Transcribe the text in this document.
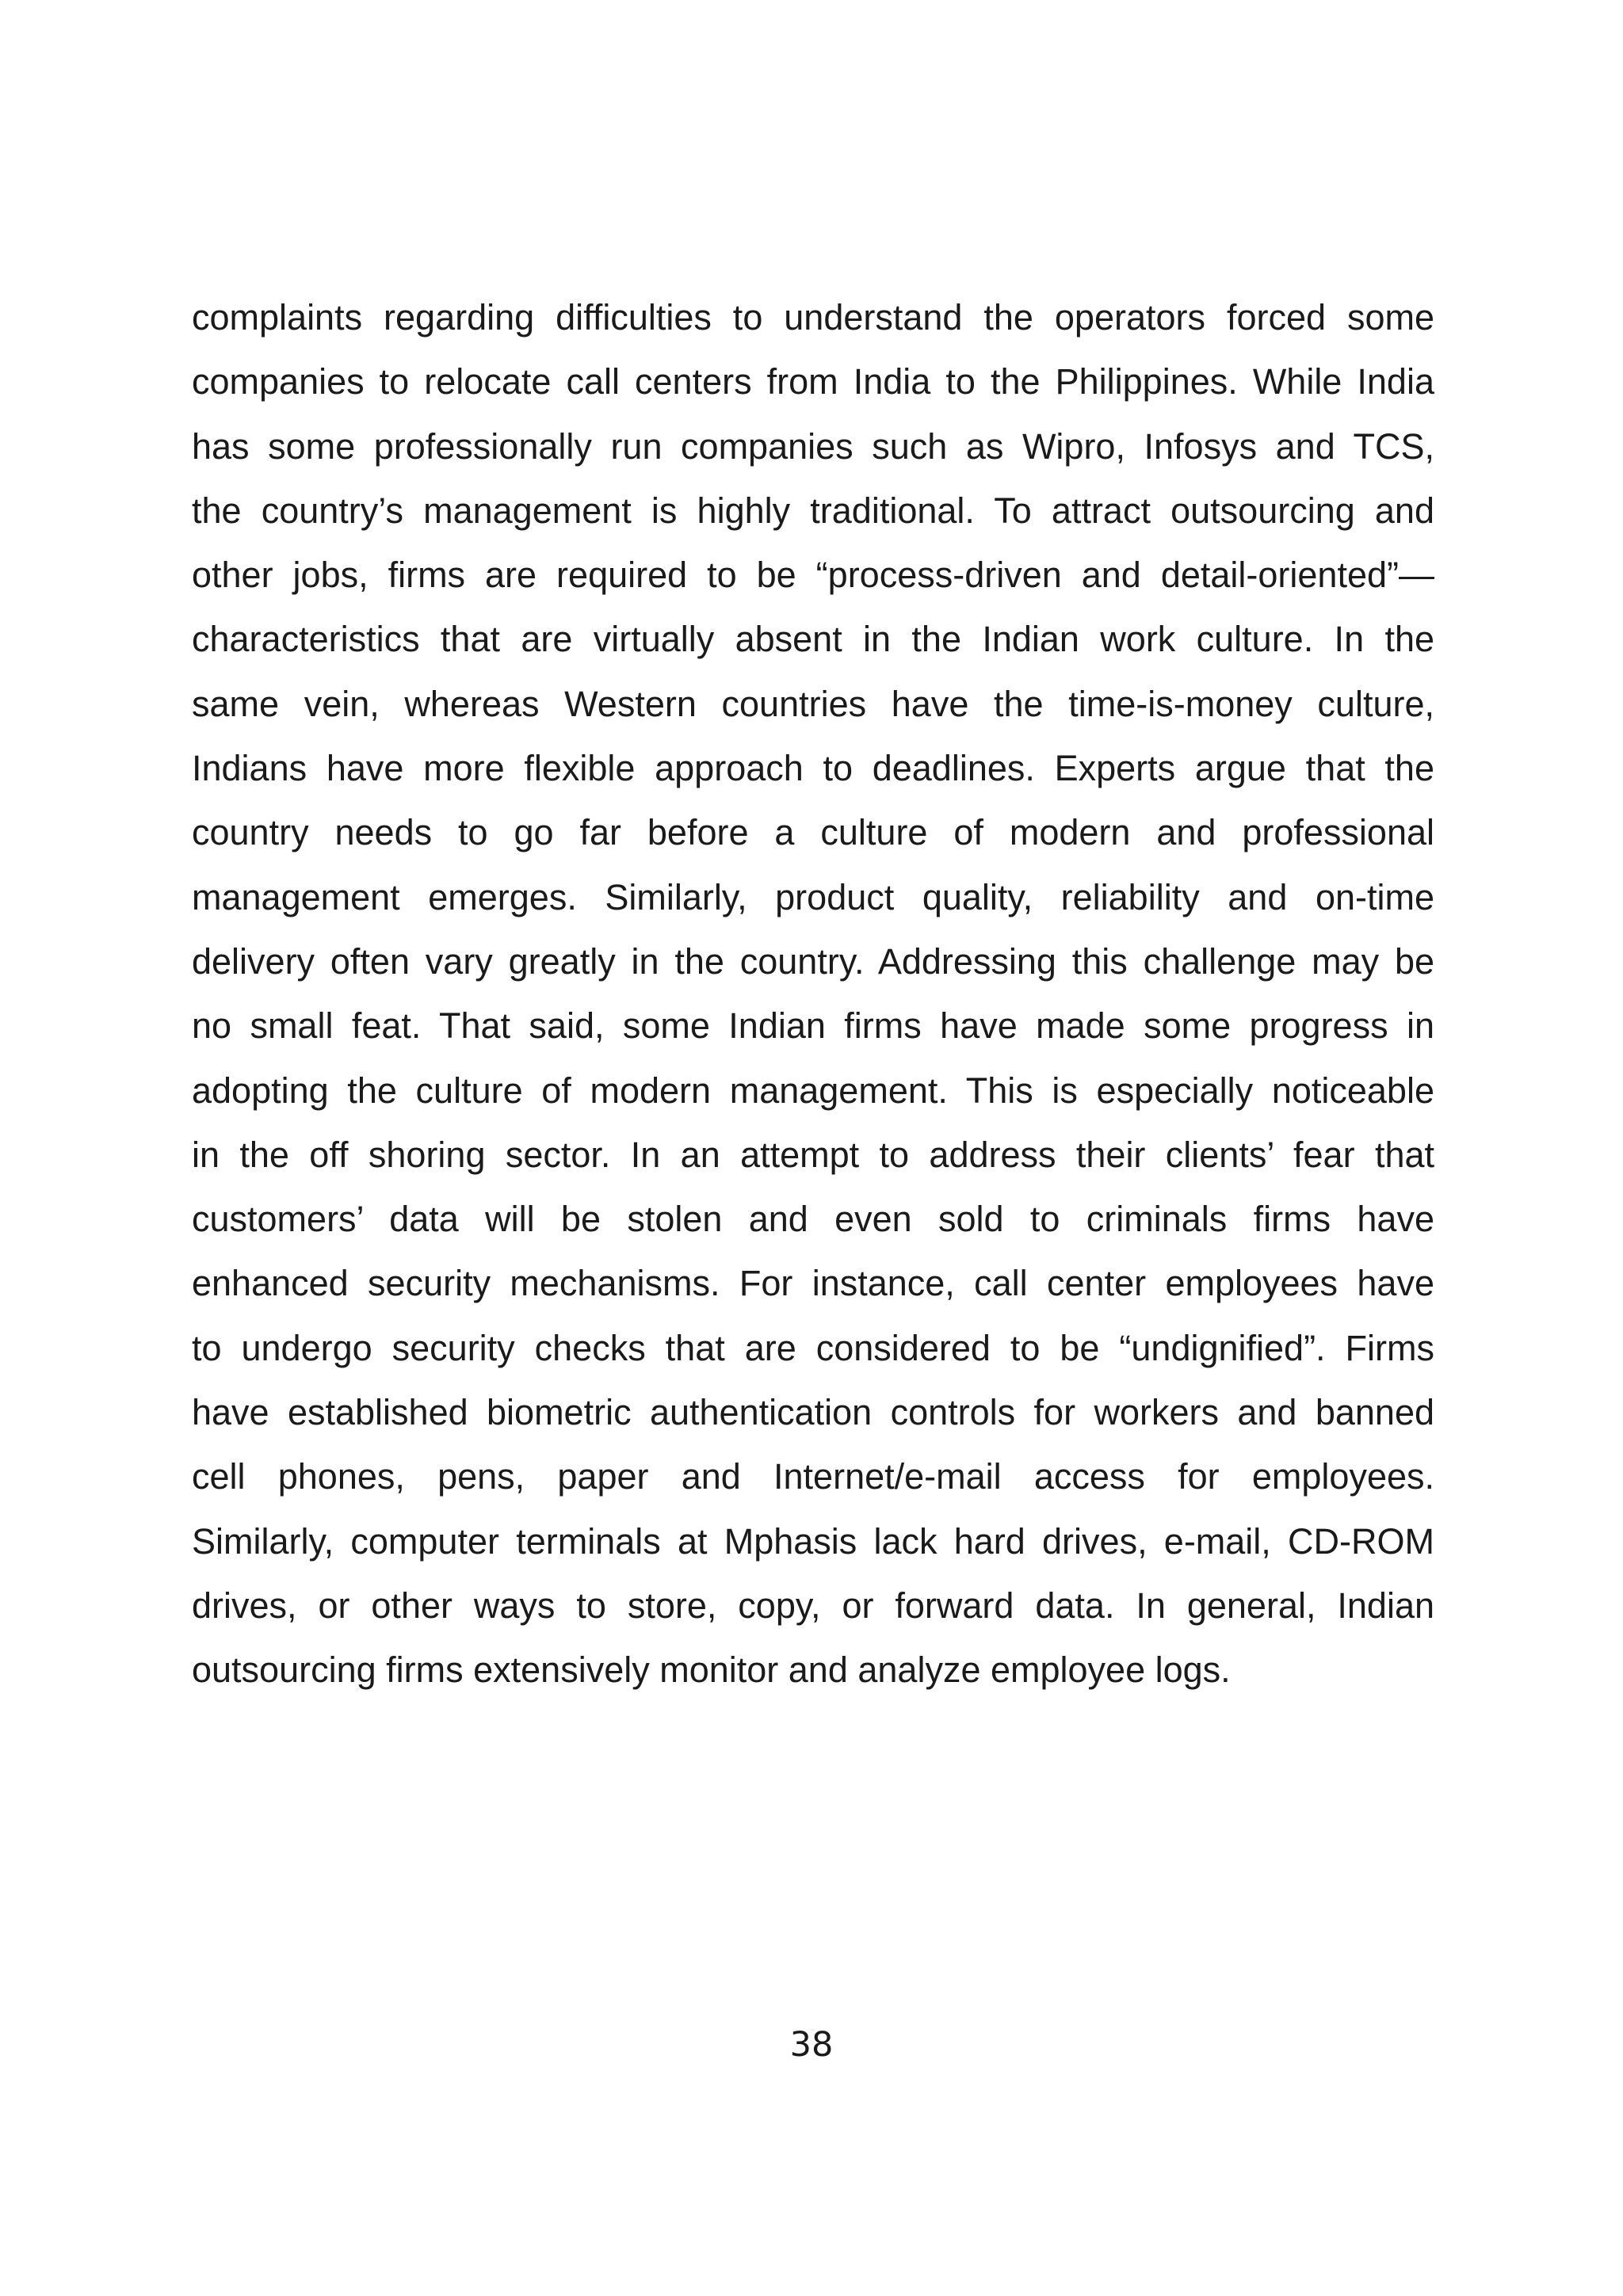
complaints regarding difficulties to understand the operators forced some
companies to relocate call centers from India to the Philippines. While India
has some professionally run companies such as Wipro, Infosys and TCS,
the country’s management is highly traditional. To attract outsourcing and
other jobs, firms are required to be “process-driven and detail-oriented”—
characteristics that are virtually absent in the Indian work culture. In the
same vein, whereas Western countries have the time-is-money culture,
Indians have more flexible approach to deadlines. Experts argue that the
country needs to go far before a culture of modern and professional
management emerges. Similarly, product quality, reliability and on-time
delivery often vary greatly in the country. Addressing this challenge may be
no small feat. That said, some Indian firms have made some progress in
adopting the culture of modern management. This is especially noticeable
in the off shoring sector. In an attempt to address their clients’ fear that
customers’ data will be stolen and even sold to criminals firms have
enhanced security mechanisms. For instance, call center employees have
to undergo security checks that are considered to be “undignified”. Firms
have established biometric authentication controls for workers and banned
cell phones, pens, paper and Internet/e-mail access for employees.
Similarly, computer terminals at Mphasis lack hard drives, e-mail, CD-ROM
drives, or other ways to store, copy, or forward data. In general, Indian
outsourcing firms extensively monitor and analyze employee logs.
38
